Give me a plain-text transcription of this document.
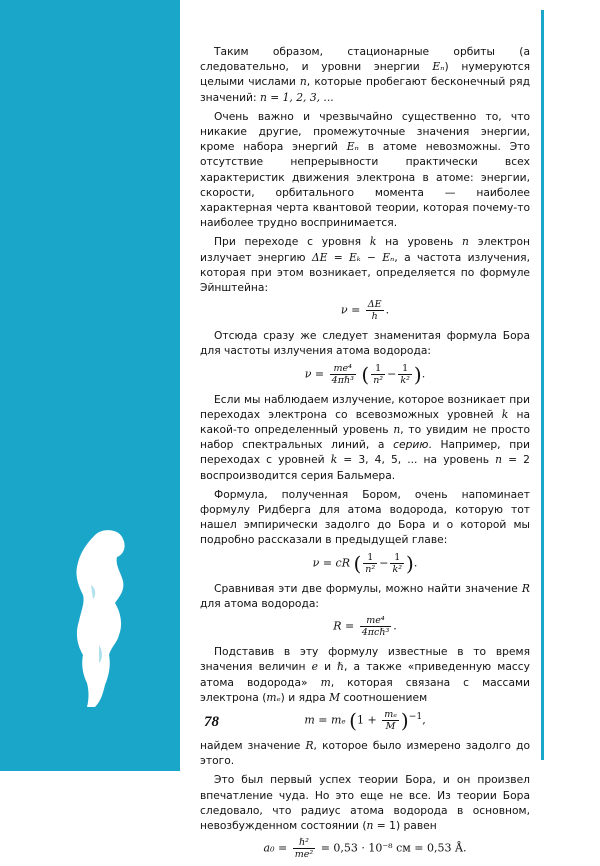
Таким образом, стационарные орбиты (а следовательно, и уровни энергии Eₙ) нумеруются целыми числами n, которые пробегают бесконечный ряд значений: n = 1, 2, 3, ...

Очень важно и чрезвычайно существенно то, что никакие другие, промежуточные значения энергии, кроме набора энергий Eₙ в атоме невозможны. Это отсутствие непрерывности практически всех характеристик движения электрона в атоме: энергии, скорости, орбитального момента — наиболее характерная черта квантовой теории, которая почему-то наиболее трудно воспринимается.

При переходе с уровня k на уровень n электрон излучает энергию ΔE = Eₖ − Eₙ, а частота излучения, которая при этом возникает, определяется по формуле Эйнштейна:

$\nu = \frac{\Delta E}{h}$ .

Отсюда сразу же следует знаменитая формула Бора для частоты излучения атома водорода:

ν = me⁴
4πℏ³ ( $\frac{1}{\text{n²}} - \frac{1}{\text{k²}}$ ).

Если мы наблюдаем излучение, которое возникает при переходах электрона со всевозможных уровней k на какой-то определенный уровень n, то увидим не просто набор спектральных линий, а серию. Например, при переходах с уровней k = 3, 4, 5, ... на уровень n = 2 воспроизводится серия Бальмера.

Формула, полученная Бором, очень напоминает формулу Ридберга для атома водорода, которую тот нашел эмпирически задолго до Бора и о которой мы подробно рассказали в предыдущей главе:

ν = cR ( $\frac{1}{\text{n²}} - \frac{1}{\text{k²}}$ ).

Сравнивая эти две формулы, можно найти значение R для атома водорода:

R =	me⁴
4πcℏ³ .

Подставив в эту формулу известные в то время значения величин e и ℏ, а также «приведенную массу атома водорода» m, которая связана с массами электрона (mₑ) и ядра M соотношением

m = mₑ $(1 + \frac{\text{mₑ}}{M} )^{-1}$,

найдем значение R, которое было измерено задолго до этого.

Это был первый успех теории Бора, и он произвел впечатление чуда. Но это еще не все. Из теории Бора следовало, что радиус атома водорода в основном, невозбужденном состоянии (n = 1) равен

a₀ =	ℏ²
me² = 0,53 · 10⁻⁸ см = 0,53 Å.
78
